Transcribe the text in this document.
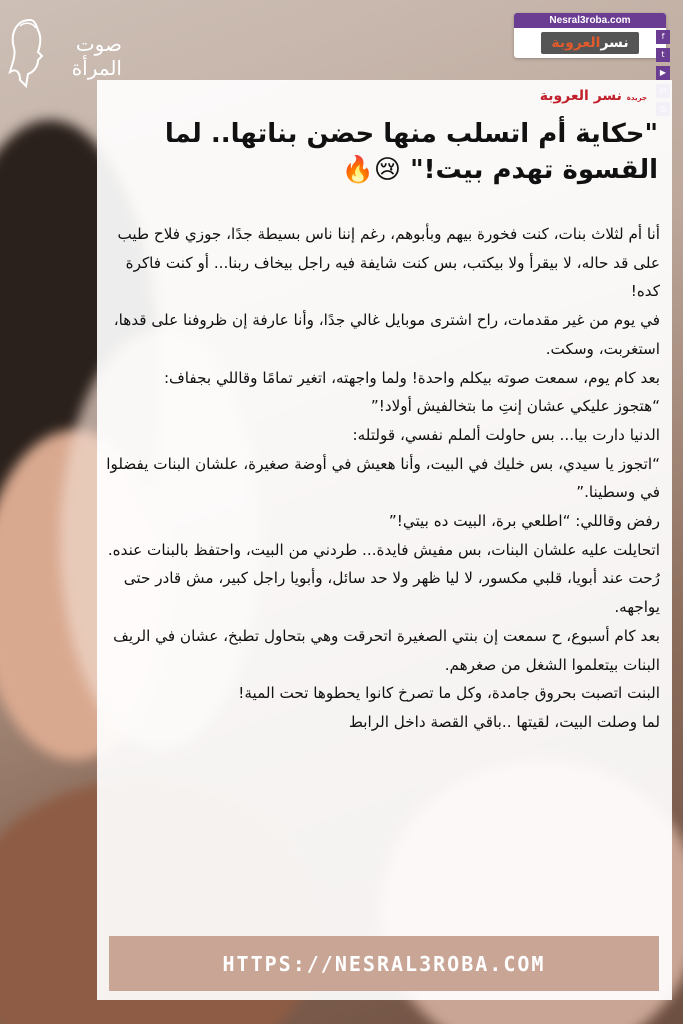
صوت
المرأة
Nesral3roba.com
نسرالعروبة	f
t
▶
جريدة نسر العروبة
"حكاية أم اتسلب منها حضن بناتها.. لما القسوة تهدم بيت!" 😢🔥

أنا أم لثلاث بنات، كنت فخورة بيهم وبأبوهم، رغم إننا ناس بسيطة جدًا، جوزي فلاح طيب على قد حاله، لا بيقرأ ولا بيكتب، بس كنت شايفة فيه راجل بيخاف ربنا... أو كنت فاكرة كده!

في يوم من غير مقدمات، راح اشترى موبايل غالي جدًا، وأنا عارفة إن ظروفنا على قدها، استغربت، وسكت.

بعد كام يوم، سمعت صوته بيكلم واحدة! ولما واجهته، اتغير تمامًا وقاللي بجفاف:

“هتجوز عليكي عشان إنتِ ما بتخالفيش أولاد!”

الدنيا دارت بيا... بس حاولت ألملم نفسي، قولتله:

“اتجوز يا سيدي، بس خليك في البيت، وأنا هعيش في أوضة صغيرة، علشان البنات يفضلوا في وسطينا.”

رفض وقاللي: “اطلعي برة، البيت ده بيتي!”

اتحايلت عليه علشان البنات، بس مفيش فايدة... طردني من البيت، واحتفظ بالبنات عنده.

رُحت عند أبويا، قلبي مكسور، لا ليا ظهر ولا حد سائل، وأبويا راجل كبير، مش قادر حتى يواجهه.

بعد كام أسبوع، ح سمعت إن بنتي الصغيرة اتحرقت وهي بتحاول تطبخ، عشان في الريف البنات بيتعلموا الشغل من صغرهم.

البنت اتصبت بحروق جامدة، وكل ما تصرخ كانوا يحطوها تحت المية!

لما وصلت البيت، لقيتها ..باقي القصة داخل الرابط

HTTPS://NESRAL3ROBA.COM
